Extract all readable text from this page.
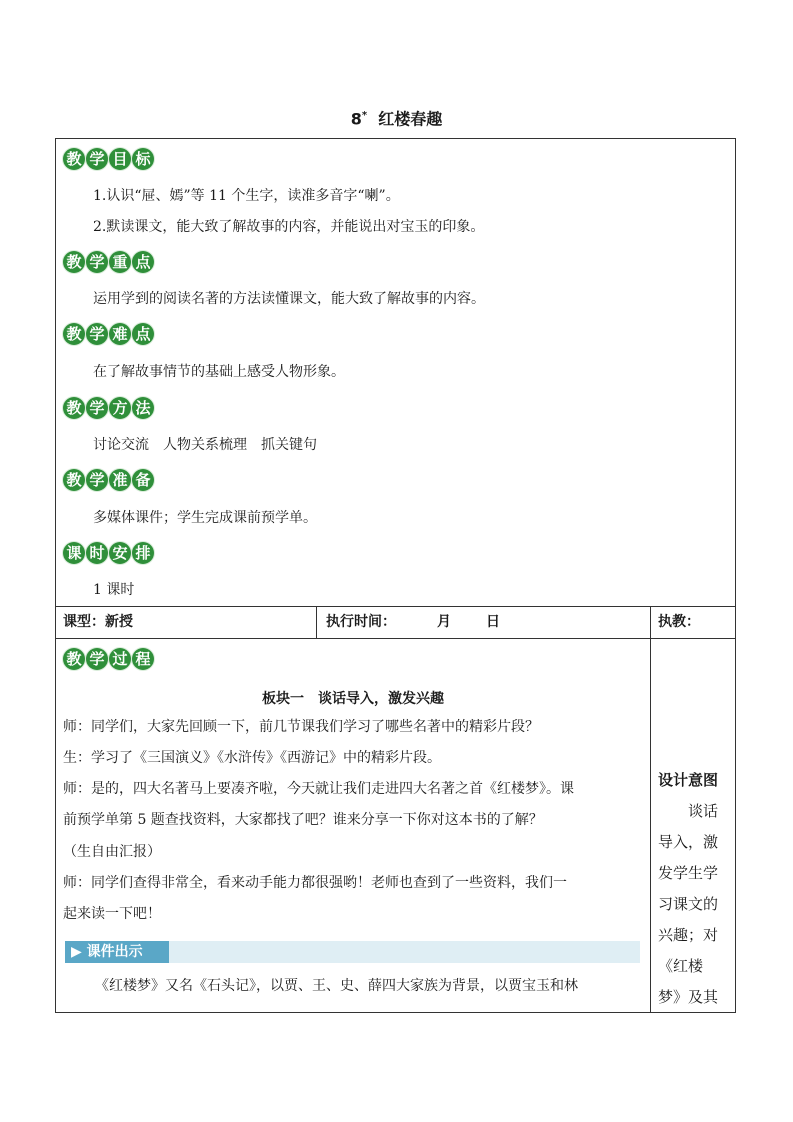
8* 红楼春趣
教 学 目 标
1.认识“屉、嫣”等 11 个生字，读准多音字“喇”。
2.默读课文，能大致了解故事的内容，并能说出对宝玉的印象。
教 学 重 点
运用学到的阅读名著的方法读懂课文，能大致了解故事的内容。
教 学 难 点
在了解故事情节的基础上感受人物形象。
教 学 方 法
讨论交流　人物关系梳理　抓关键句
教 学 准 备
多媒体课件；学生完成课前预学单。
课 时 安 排
1 课时
课型：新授	执行时间：	月	日	执教：
教 学 过 程
板块一　谈话导入，激发兴趣
师：同学们，大家先回顾一下，前几节课我们学习了哪些名著中的精彩片段？
生：学习了《三国演义》《水浒传》《西游记》中的精彩片段。
师：是的，四大名著马上要凑齐啦，今天就让我们走进四大名著之首《红楼梦》。课
前预学单第 5 题查找资料，大家都找了吧？谁来分享一下你对这本书的了解？
（生自由汇报）
师：同学们查得非常全，看来动手能力都很强哟！老师也查到了一些资料，我们一
起来读一下吧！
▶ 课件出示
《红楼梦》又名《石头记》，以贾、王、史、薛四大家族为背景，以贾宝玉和林
设计意图
谈话
导入，激
发学生学
习课文的
兴趣；对
《红楼
梦》及其
